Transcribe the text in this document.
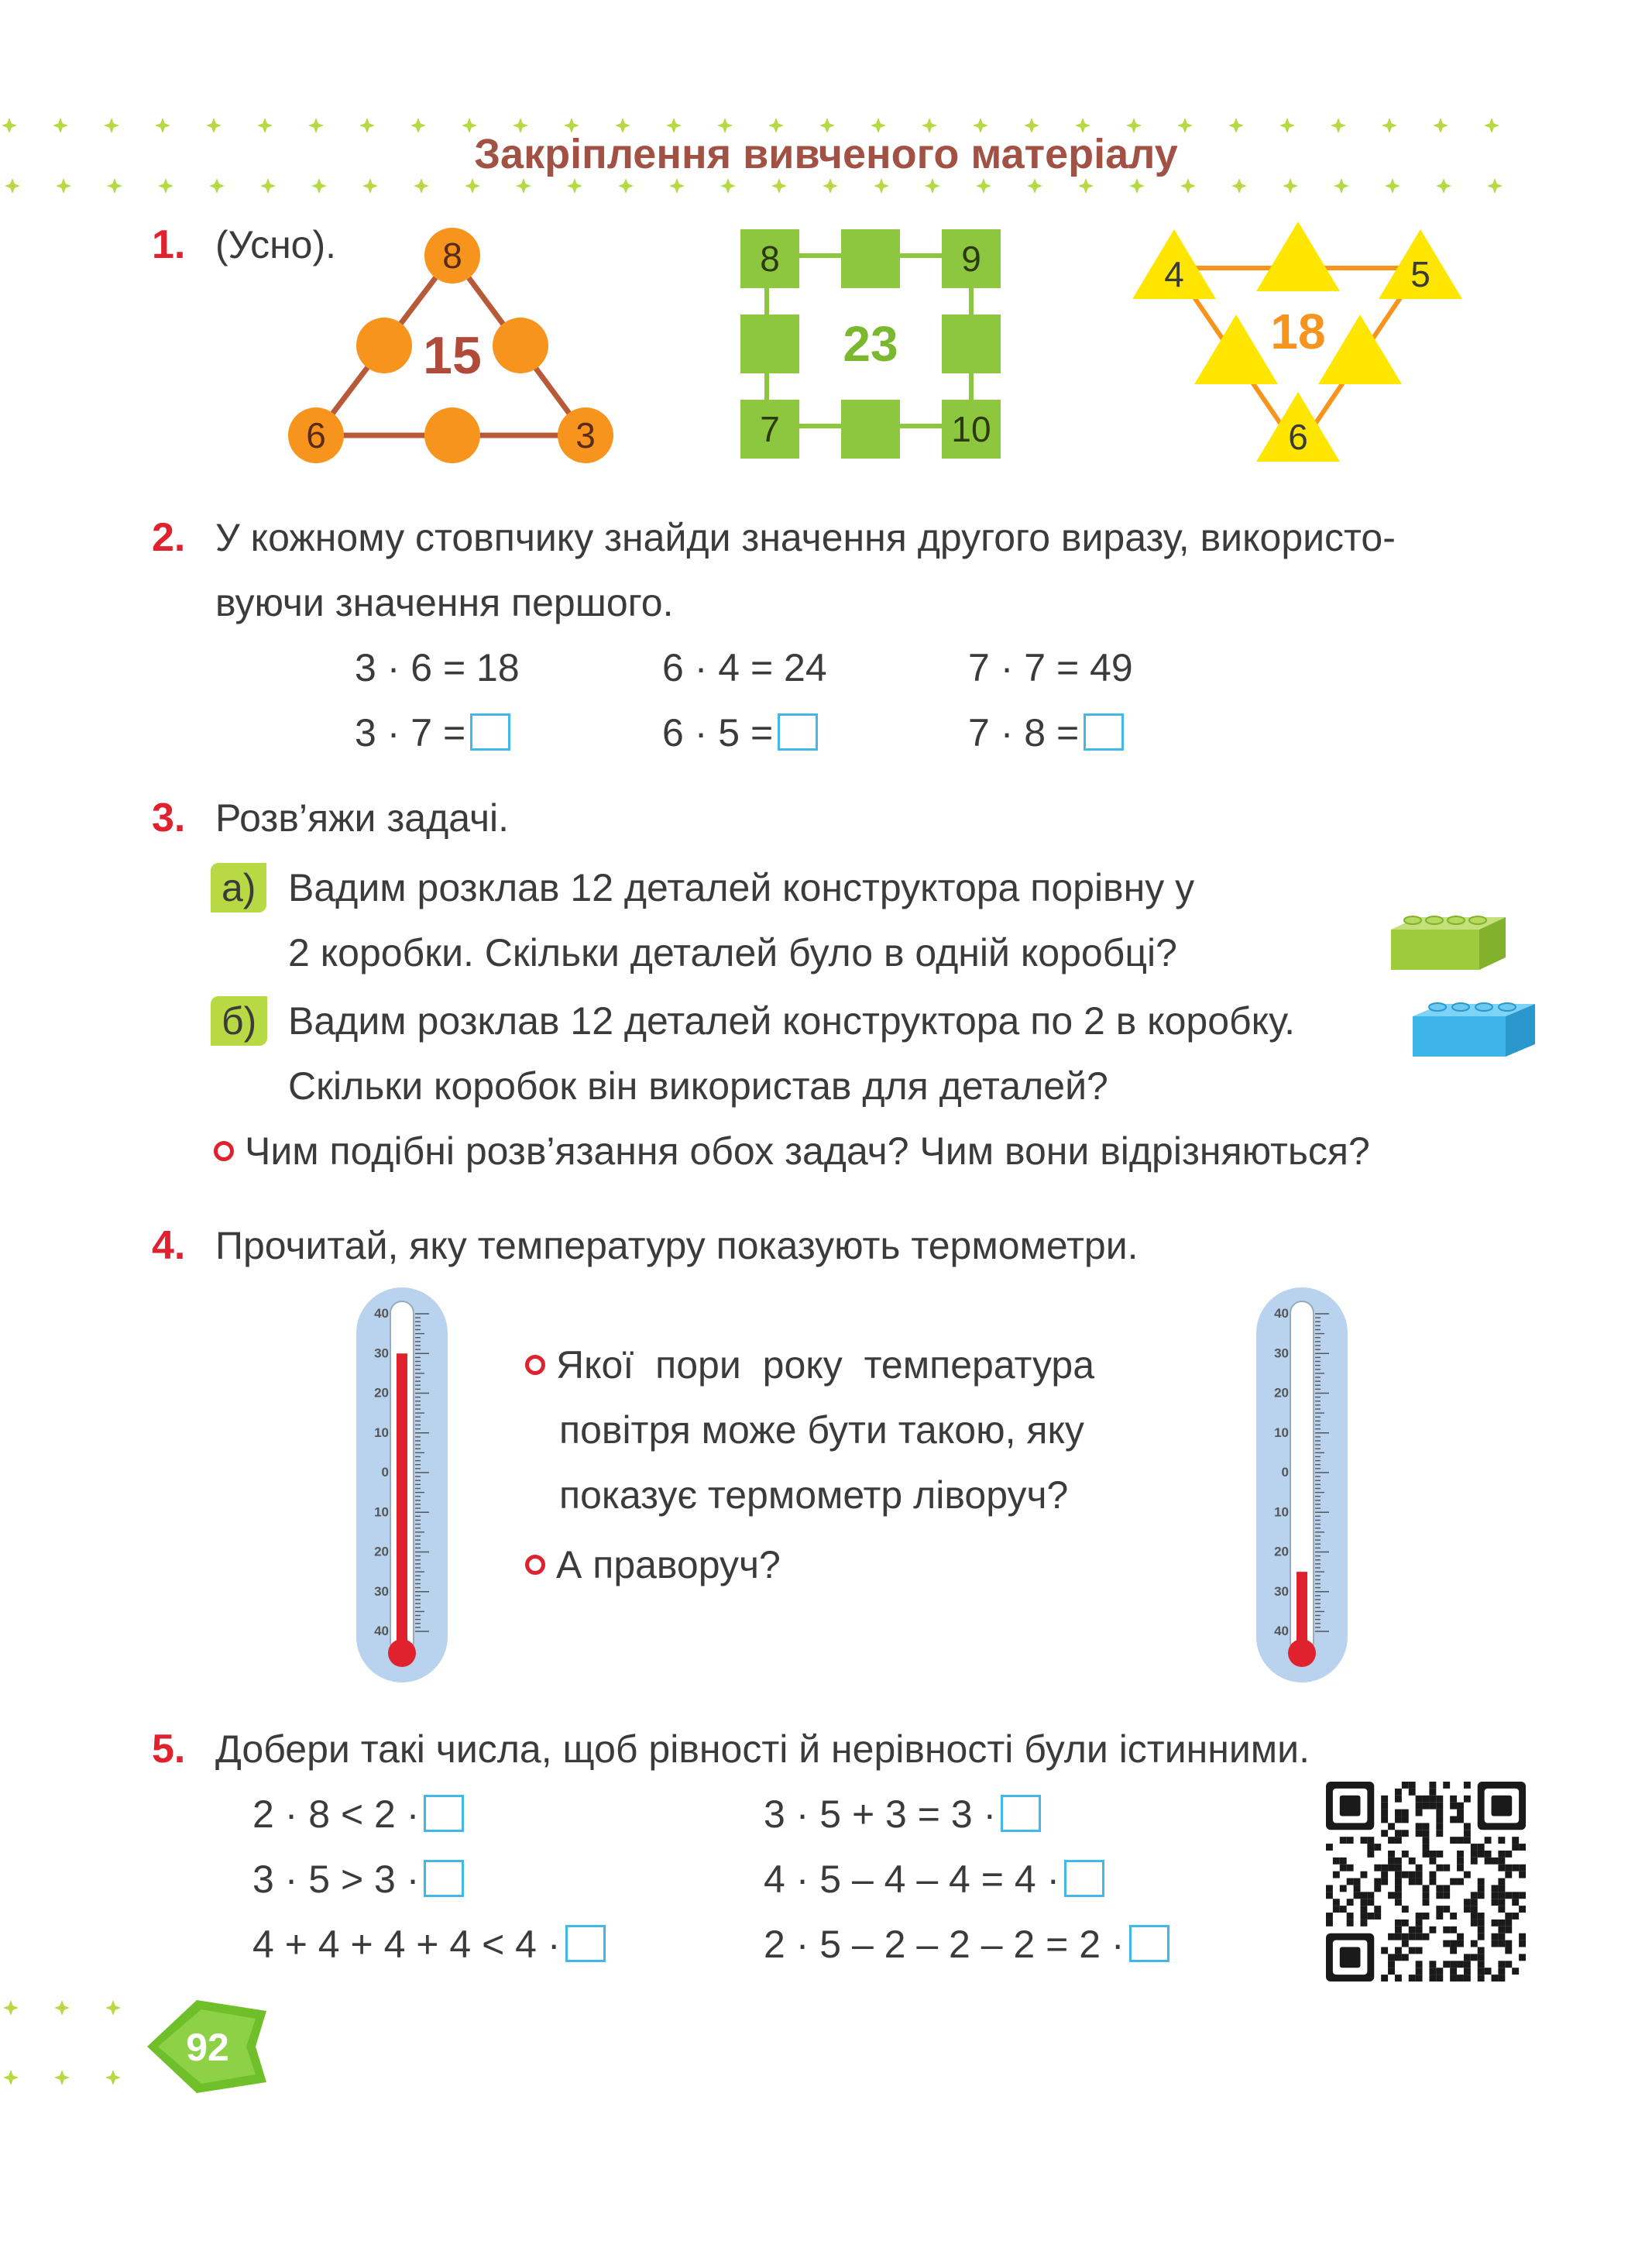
Закріплення вивченого матеріалу
1. (Усно).	8
6	3
15
8	9
7	10
23
4	5
6
18
2. У кожному стовпчику знайди значення другого виразу, використо-
вуючи значення першого.
3 · 6 = 18
3 · 7 =
6 · 4 = 24
6 · 5 =
7 · 7 = 49
7 · 8 =
3. Розв’яжи задачі.
а) Вадим розклав 12 деталей конструктора порівну у
2 коробки. Скільки деталей було в одній коробці?
б) Вадим розклав 12 деталей конструктора по 2 в коробку.
Скільки коробок він використав для деталей?
Чим подібні розв’язання обох задач? Чим вони відрізняються?
4. Прочитай, яку температуру показують термометри.
40
30
20
10
0
10
20
30
40
40
30
20
10
0
10
20
30
40
Якої пори року температура
повітря може бути такою, яку
показує термометр ліворуч?
А праворуч?
5. Добери такі числа, щоб рівності й нерівності були істинними.
2 · 8 < 2 ·
3 · 5 > 3 ·
4 + 4 + 4 + 4 < 4 ·
3 · 5 + 3 = 3 ·
4 · 5 – 4 – 4 = 4 ·
2 · 5 – 2 – 2 – 2 = 2 ·
92
